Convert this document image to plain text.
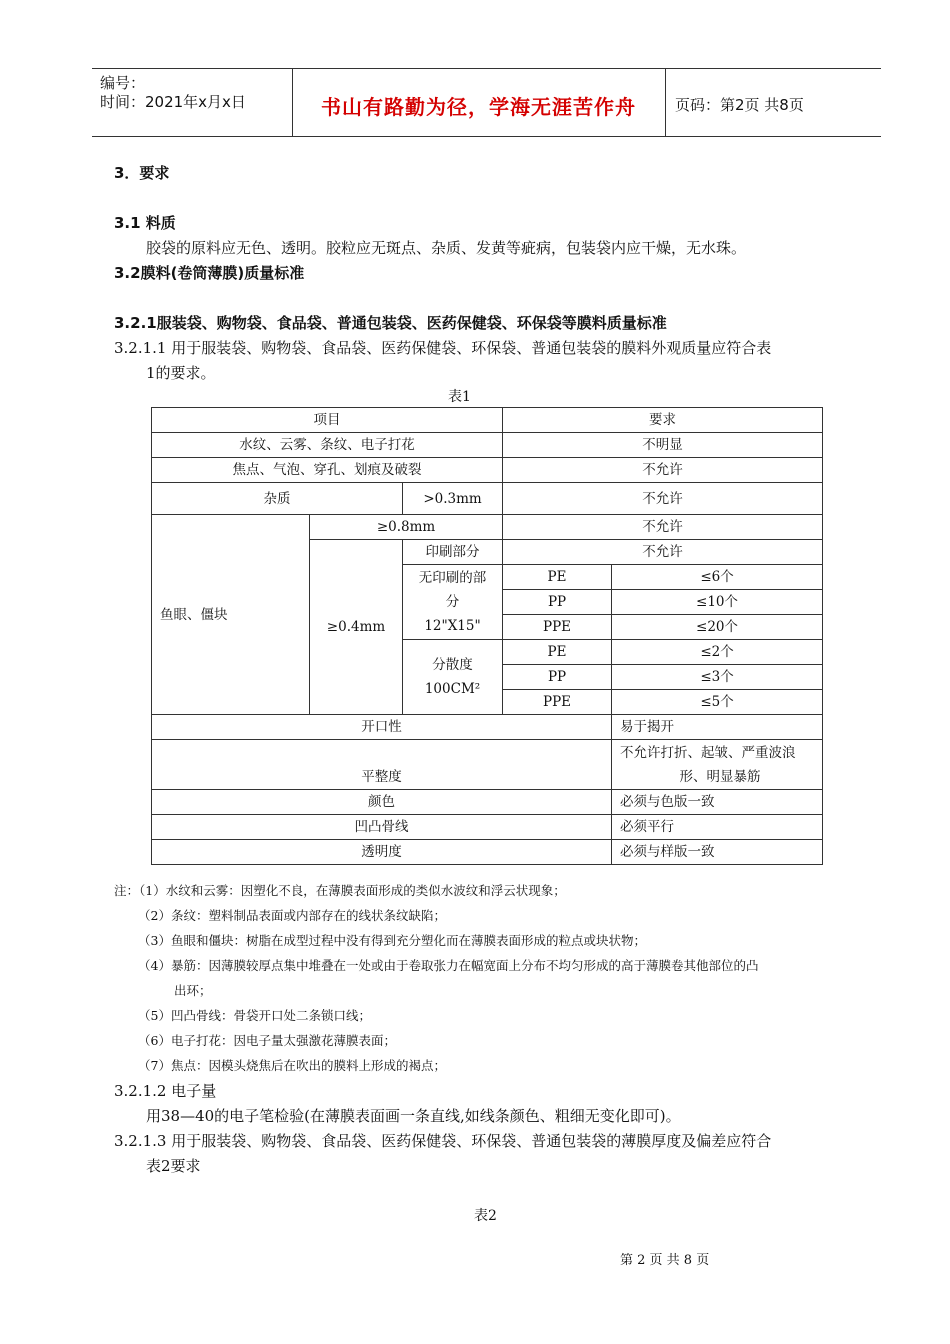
编号：
时间：2021年x月x日	书山有路勤为径，学海无涯苦作舟	页码：第2页 共8页
3．要求
3.1 料质
胶袋的原料应无色、透明。胶粒应无斑点、杂质、发黄等疵病，包装袋内应干燥，无水珠。
3.2膜料(卷筒薄膜)质量标准
3.2.1服装袋、购物袋、食品袋、普通包装袋、医药保健袋、环保袋等膜料质量标准
3.2.1.1 用于服装袋、购物袋、食品袋、医药保健袋、环保袋、普通包装袋的膜料外观质量应符合表
1的要求。
表1
项目			要求	
水纹、云雾、条纹、电子打花			不明显	
焦点、气泡、穿孔、划痕及破裂			不允许	
杂质		>0.3mm	不允许	
鱼眼、僵块	≥0.8mm		不允许	
	≥0.4mm	印刷部分	不允许	

		无印刷的部
分
12"X15"	PE	≤6个
			PP	≤10个
			PPE	≤20个

		分散度
100CM²	PE	≤2个
			PP	≤3个
			PPE	≤5个
开口性				易于揭开
平整度				不允许打折、起皱、严重波浪
形、明显暴筋

颜色				必须与色版一致
凹凸骨线				必须平行
透明度				必须与样版一致
注：（1）水纹和云雾：因塑化不良，在薄膜表面形成的类似水波纹和浮云状现象；
（2）条纹：塑料制品表面或内部存在的线状条纹缺陷；
（3）鱼眼和僵块：树脂在成型过程中没有得到充分塑化而在薄膜表面形成的粒点或块状物；
（4）暴筋：因薄膜较厚点集中堆叠在一处或由于卷取张力在幅宽面上分布不均匀形成的高于薄膜卷其他部位的凸
出环；
（5）凹凸骨线：骨袋开口处二条锁口线；
（6）电子打花：因电子量太强激花薄膜表面；
（7）焦点：因模头烧焦后在吹出的膜料上形成的褐点；
3.2.1.2 电子量
用38—40的电子笔检验(在薄膜表面画一条直线,如线条颜色、粗细无变化即可)。
3.2.1.3 用于服装袋、购物袋、食品袋、医药保健袋、环保袋、普通包装袋的薄膜厚度及偏差应符合
表2要求
表2
第 2 页 共 8 页
